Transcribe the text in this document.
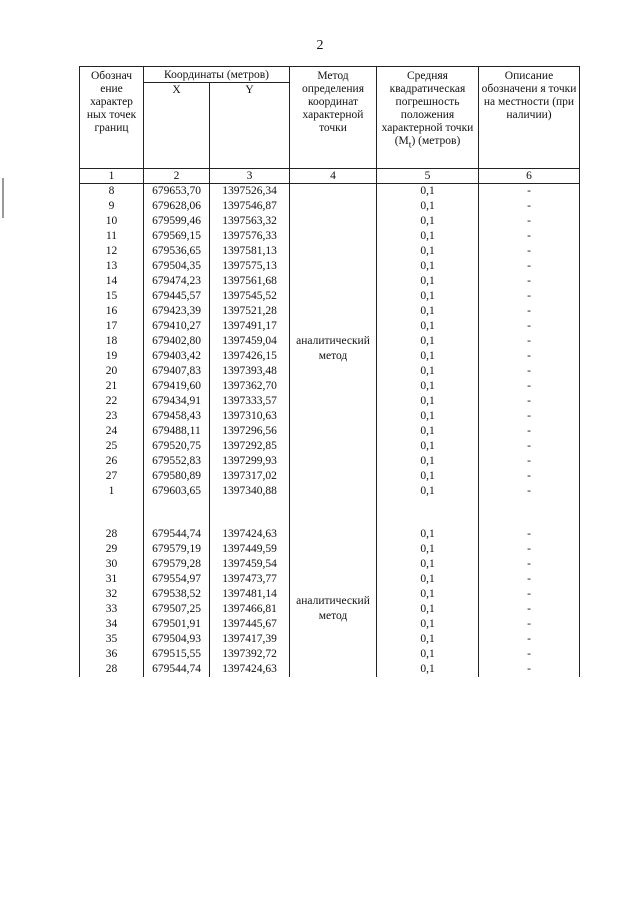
2
Обознач ение характер ных точек границ	Координаты (метров)		Метод определения координат характерной точки	Средняя квадратическая погрешность положения характерной точки $(M_t)$ (метров)	Описание обозначени я точки на местности (при наличии)
	X	Y			
1	2	3	4	5	6
8	679653,70	1397526,34	аналитический метод	0,1	-
9	679628,06	1397546,87		0,1	-
10	679599,46	1397563,32		0,1	-
11	679569,15	1397576,33		0,1	-
12	679536,65	1397581,13		0,1	-
13	679504,35	1397575,13		0,1	-
14	679474,23	1397561,68		0,1	-
15	679445,57	1397545,52		0,1	-
16	679423,39	1397521,28		0,1	-
17	679410,27	1397491,17		0,1	-
18	679402,80	1397459,04		0,1	-
19	679403,42	1397426,15		0,1	-
20	679407,83	1397393,48		0,1	-
21	679419,60	1397362,70		0,1	-
22	679434,91	1397333,57		0,1	-
23	679458,43	1397310,63		0,1	-
24	679488,11	1397296,56		0,1	-
25	679520,75	1397292,85		0,1	-
26	679552,83	1397299,93		0,1	-
27	679580,89	1397317,02		0,1	-
1	679603,65	1397340,88		0,1	-

28	679544,74	1397424,63	аналитический метод	0,1	-
29	679579,19	1397449,59		0,1	-
30	679579,28	1397459,54		0,1	-
31	679554,97	1397473,77		0,1	-
32	679538,52	1397481,14		0,1	-
33	679507,25	1397466,81		0,1	-
34	679501,91	1397445,67		0,1	-
35	679504,93	1397417,39		0,1	-
36	679515,55	1397392,72		0,1	-
28	679544,74	1397424,63		0,1	-
